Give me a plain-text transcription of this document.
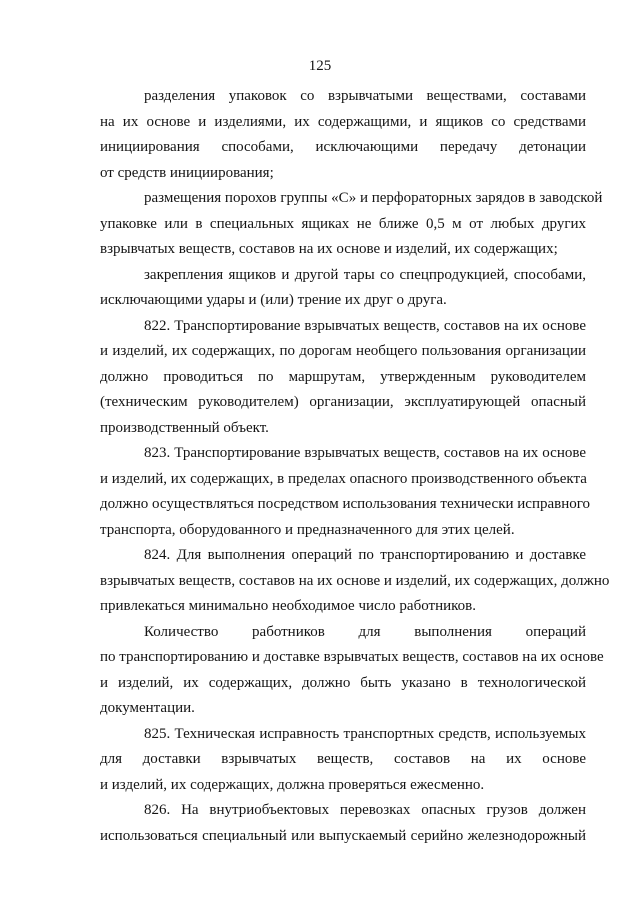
125
разделения упаковок со взрывчатыми веществами, составами
на их основе и изделиями, их содержащими, и ящиков со средствами
инициирования способами, исключающими передачу детонации
от средств инициирования;
размещения порохов группы «С» и перфораторных зарядов в заводской
упаковке или в специальных ящиках не ближе 0,5 м от любых других
взрывчатых веществ, составов на их основе и изделий, их содержащих;
закрепления ящиков и другой тары со спецпродукцией, способами,
исключающими удары и (или) трение их друг о друга.
822. Транспортирование взрывчатых веществ, составов на их основе
и изделий, их содержащих, по дорогам необщего пользования организации
должно проводиться по маршрутам, утвержденным руководителем
(техническим руководителем) организации, эксплуатирующей опасный
производственный объект.
823. Транспортирование взрывчатых веществ, составов на их основе
и изделий, их содержащих, в пределах опасного производственного объекта
должно осуществляться посредством использования технически исправного
транспорта, оборудованного и предназначенного для этих целей.
824. Для выполнения операций по транспортированию и доставке
взрывчатых веществ, составов на их основе и изделий, их содержащих, должно
привлекаться минимально необходимое число работников.
Количество работников для выполнения операций
по транспортированию и доставке взрывчатых веществ, составов на их основе
и изделий, их содержащих, должно быть указано в технологической
документации.
825. Техническая исправность транспортных средств, используемых
для доставки взрывчатых веществ, составов на их основе
и изделий, их содержащих, должна проверяться ежесменно.
826. На внутриобъектовых перевозках опасных грузов должен
использоваться специальный или выпускаемый серийно железнодорожный
